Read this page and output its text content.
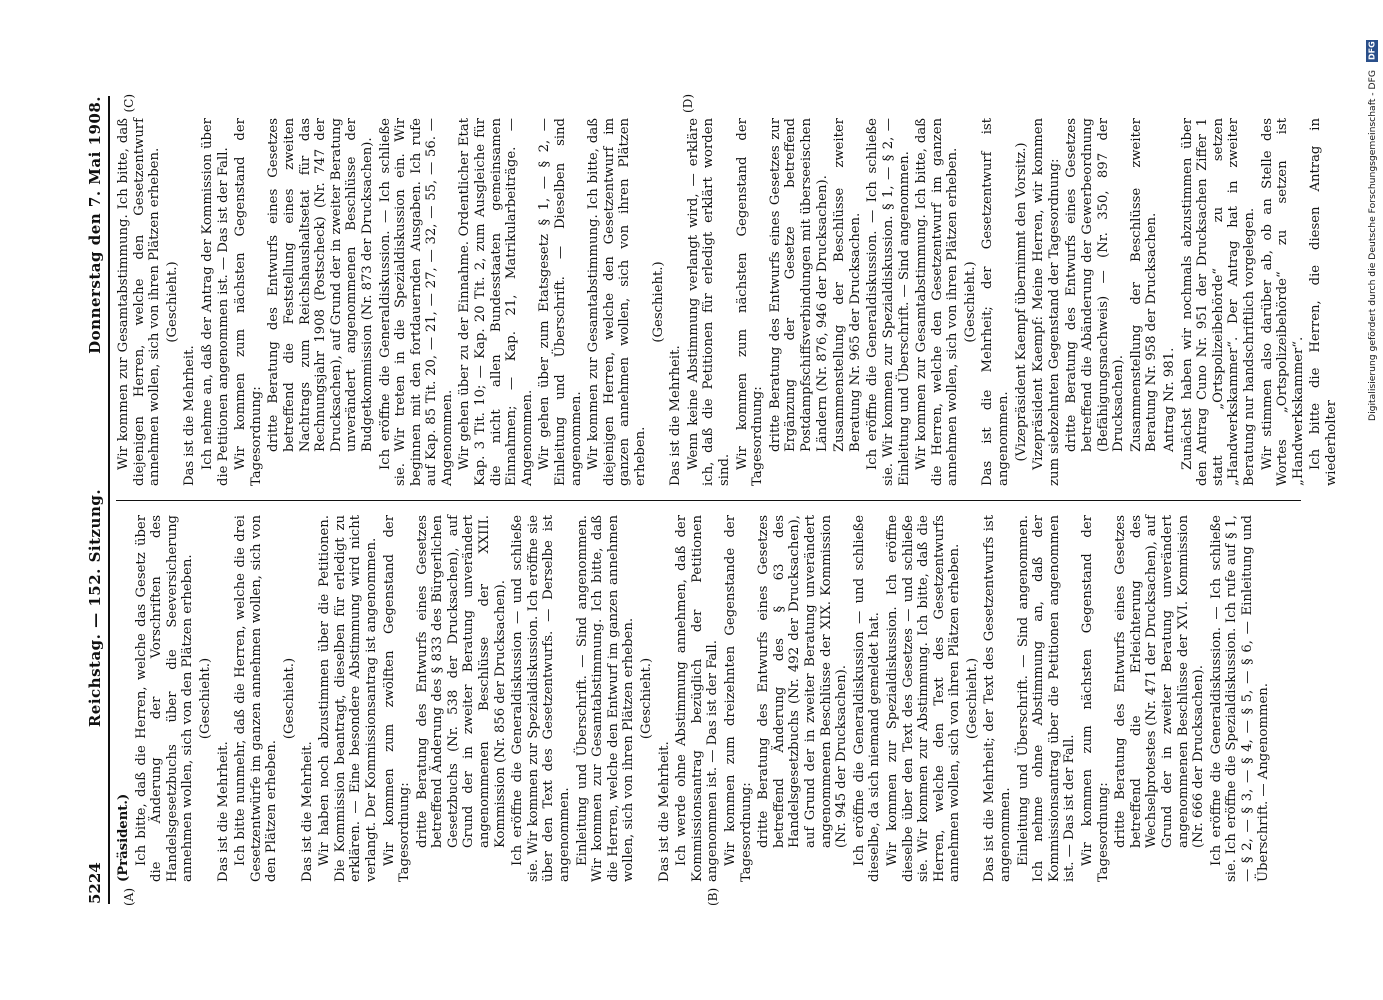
5224
Reichstag. — 152. Sitzung.
Donnerstag den 7. Mai 1908.
(A)	(B)

(Präsident.) Ich bitte, daß die Herren, welche das Gesetz über die Änderung der Vorschriften des Handelsgesetzbuchs über die Seeversicherung annehmen wollen, sich von den Plätzen erheben. (Geschieht.)

Das ist die Mehrheit. Ich bitte nunmehr, daß die Herren, welche die drei Gesetzentwürfe im ganzen annehmen wollen, sich von den Plätzen erheben.

(Geschieht.)

Das ist die Mehrheit. Wir haben noch abzustimmen über die Petitionen. Die Kommission beantragt, dieselben für erledigt zu erklären. — Eine besondere Abstimmung wird nicht verlangt. Der Kommissionsantrag ist angenommen. Wir kommen zum zwölften Gegenstand der Tagesordnung: dritte Beratung des Entwurfs eines Gesetzes betreffend Änderung des § 833 des Bürgerlichen Gesetzbuchs (Nr. 538 der Drucksachen), auf Grund der in zweiter Beratung unverändert angenommenen Beschlüsse der XXIII. Kommission (Nr. 856 der Drucksachen). Ich eröffne die Generaldiskussion — und schließe sie. Wir kommen zur Spezialdiskussion. Ich eröffne sie über den Text des Gesetzentwurfs. — Derselbe ist angenommen. Einleitung und Überschrift. — Sind angenommen. Wir kommen zur Gesamtabstimmung. Ich bitte, daß die Herren, welche den Entwurf im ganzen annehmen wollen, sich von ihren Plätzen erheben. (Geschieht.)

Das ist die Mehrheit. Ich werde ohne Abstimmung annehmen, daß der Kommissionsantrag bezüglich der Petitionen angenommen ist. — Das ist der Fall. Wir kommen zum dreizehnten Gegenstande der Tagesordnung: dritte Beratung des Entwurfs eines Gesetzes betreffend Änderung des § 63 des Handelsgesetzbuchs (Nr. 492 der Drucksachen), auf Grund der in zweiter Beratung unverändert angenommenen Beschlüsse der XIX. Kommission (Nr. 945 der Drucksachen). Ich eröffne die Generaldiskussion — und schließe dieselbe, da sich niemand gemeldet hat. Wir kommen zur Spezialdiskussion. Ich eröffne dieselbe über den Text des Gesetzes — und schließe sie. Wir kommen zur Abstimmung. Ich bitte, daß die Herren, welche den Text des Gesetzentwurfs annehmen wollen, sich von ihren Plätzen erheben. (Geschieht.) Das ist die Mehrheit; der Text des Gesetzentwurfs ist angenommen. Einleitung und Überschrift. — Sind angenommen. Ich nehme ohne Abstimmung an, daß der Kommissionsantrag über die Petitionen angenommen ist. — Das ist der Fall. Wir kommen zum nächsten Gegenstand der Tagesordnung: dritte Beratung des Entwurfs eines Gesetzes betreffend die Erleichterung des Wechselprotestes (Nr. 471 der Drucksachen), auf Grund der in zweiter Beratung unverändert angenommenen Beschlüsse der XVI. Kommission (Nr. 666 der Drucksachen). Ich eröffne die Generaldiskussion. — Ich schließe sie. Ich eröffne die Spezialdiskussion. Ich rufe auf § 1, — § 2, — § 3, — § 4, — § 5, — § 6, — Einleitung und Überschrift. — Angenommen.

(C)	(D)

Wir kommen zur Gesamtabstimmung. Ich bitte, daß diejenigen Herren, welche den Gesetzentwurf annehmen wollen, sich von ihren Plätzen erheben. (Geschieht.)

Das ist die Mehrheit. Ich nehme an, daß der Antrag der Kommission über die Petitionen angenommen ist. — Das ist der Fall. Wir kommen zum nächsten Gegenstand der Tagesordnung: dritte Beratung des Entwurfs eines Gesetzes betreffend die Feststellung eines zweiten Nachtrags zum Reichshaushaltsetat für das Rechnungsjahr 1908 (Postscheck) (Nr. 747 der Drucksachen), auf Grund der in zweiter Beratung unverändert angenommenen Beschlüsse der Budgetkommission (Nr. 873 der Drucksachen). Ich eröffne die Generaldiskussion. — Ich schließe sie. Wir treten in die Spezialdiskussion ein. Wir beginnen mit den fortdauernden Ausgaben. Ich rufe auf Kap. 85 Tit. 20, — 21, — 27, — 32, — 55, — 56. — Angenommen. Wir gehen über zu der Einnahme. Ordentlicher Etat Kap. 3 Tit. 10; — Kap. 20 Tit. 2, zum Ausgleiche für die nicht allen Bundesstaaten gemeinsamen Einnahmen; — Kap. 21, Matrikularbeiträge. — Angenommen. Wir gehen über zum Etatsgesetz § 1, — § 2, — Einleitung und Überschrift. — Dieselben sind angenommen. Wir kommen zur Gesamtabstimmung. Ich bitte, daß diejenigen Herren, welche den Gesetzentwurf im ganzen annehmen wollen, sich von ihren Plätzen erheben.

(Geschieht.)

Das ist die Mehrheit. Wenn keine Abstimmung verlangt wird, — erkläre ich, daß die Petitionen für erledigt erklärt worden sind. Wir kommen zum nächsten Gegenstand der Tagesordnung: dritte Beratung des Entwurfs eines Gesetzes zur Ergänzung der Gesetze betreffend Postdampfschiffsverbindungen mit überseeischen Ländern (Nr. 876, 946 der Drucksachen). Zusammenstellung der Beschlüsse zweiter Beratung Nr. 965 der Drucksachen. Ich eröffne die Generaldiskussion. — Ich schließe sie. Wir kommen zur Spezialdiskussion. § 1, — § 2, — Einleitung und Überschrift. — Sind angenommen. Wir kommen zur Gesamtabstimmung. Ich bitte, daß die Herren, welche den Gesetzentwurf im ganzen annehmen wollen, sich von ihren Plätzen erheben. (Geschieht.) Das ist die Mehrheit; der Gesetzentwurf ist angenommen. (Vizepräsident Kaempf übernimmt den Vorsitz.) Vizepräsident Kaempf: Meine Herren, wir kommen zum siebzehnten Gegenstand der Tagesordnung: dritte Beratung des Entwurfs eines Gesetzes betreffend die Abänderung der Gewerbeordnung (Befähigungsnachweis) — (Nr. 350, 897 der Drucksachen). Zusammenstellung der Beschlüsse zweiter Beratung Nr. 958 der Drucksachen. Antrag Nr. 981. Zunächst haben wir nochmals abzustimmen über den Antrag Cuno Nr. 951 der Drucksachen Ziffer 1 statt „Ortspolizeibehörde“ zu setzen „Handwerkskammer“. Der Antrag hat in zweiter Beratung nur handschriftlich vorgelegen. Wir stimmen also darüber ab, ob an Stelle des Wortes „Ortspolizeibehörde“ zu setzen ist „Handwerkskammer“. Ich bitte die Herren, die diesen Antrag in wiederholter

DFG
Digitalisierung gefördert durch die Deutsche Forschungsgemeinschaft - DFG
